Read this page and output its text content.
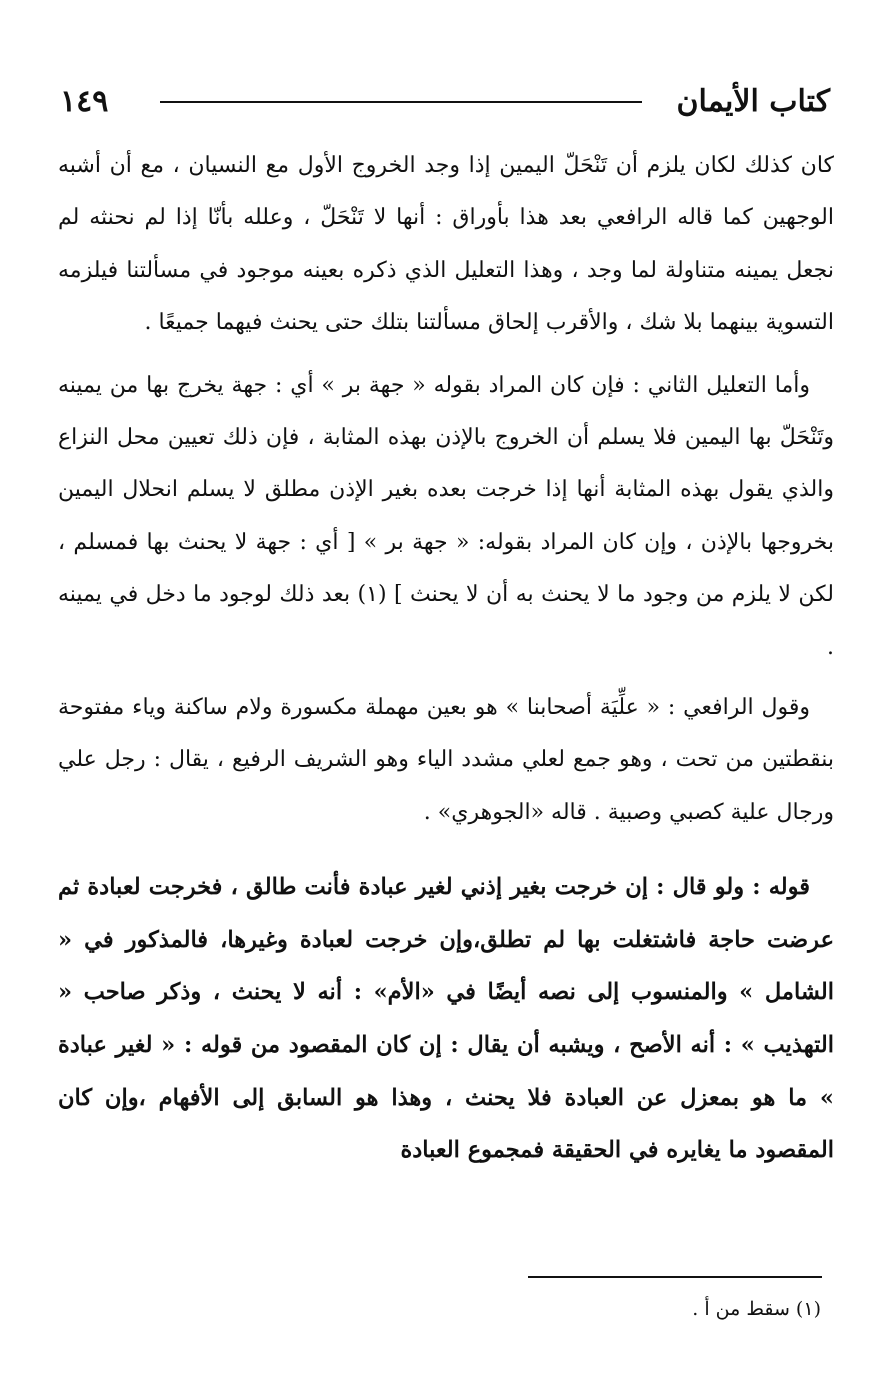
كتاب الأيمان
١٤٩

كان كذلك لكان يلزم أن تَنْحَلّ اليمين إذا وجد الخروج الأول مع النسيان ، مع أن أشبه الوجهين كما قاله الرافعي بعد هذا بأوراق : أنها لا تَنْحَلّ ، وعلله بأنّا إذا لم نحنثه لم نجعل يمينه متناولة لما وجد ، وهذا التعليل الذي ذكره بعينه موجود في مسألتنا فيلزمه التسوية بينهما بلا شك ، والأقرب إلحاق مسألتنا بتلك حتى يحنث فيهما جميعًا .

وأما التعليل الثاني : فإن كان المراد بقوله « جهة بر » أي : جهة يخرج بها من يمينه وتَنْحَلّ بها اليمين فلا يسلم أن الخروج بالإذن بهذه المثابة ، فإن ذلك تعيين محل النزاع والذي يقول بهذه المثابة أنها إذا خرجت بعده بغير الإذن مطلق لا يسلم انحلال اليمين بخروجها بالإذن ، وإن كان المراد بقوله: « جهة بر » [ أي : جهة لا يحنث بها فمسلم ، لكن لا يلزم من وجود ما لا يحنث به أن لا يحنث ] (١) بعد ذلك لوجود ما دخل في يمينه .

وقول الرافعي : « علِّيَة أصحابنا » هو بعين مهملة مكسورة ولام ساكنة وياء مفتوحة بنقطتين من تحت ، وهو جمع لعلي مشدد الياء وهو الشريف الرفيع ، يقال : رجل علي ورجال علية كصبي وصبية . قاله «الجوهري» .

قوله : ولو قال : إن خرجت بغير إذني لغير عبادة فأنت طالق ، فخرجت لعبادة ثم عرضت حاجة فاشتغلت بها لم تطلق،وإن خرجت لعبادة وغيرها، فالمذكور في « الشامل » والمنسوب إلى نصه أيضًا في «الأم» : أنه لا يحنث ، وذكر صاحب « التهذيب » : أنه الأصح ، ويشبه أن يقال : إن كان المقصود من قوله : « لغير عبادة » ما هو بمعزل عن العبادة فلا يحنث ، وهذا هو السابق إلى الأفهام ،وإن كان المقصود ما يغايره في الحقيقة فمجموع العبادة

(١) سقط من أ .
